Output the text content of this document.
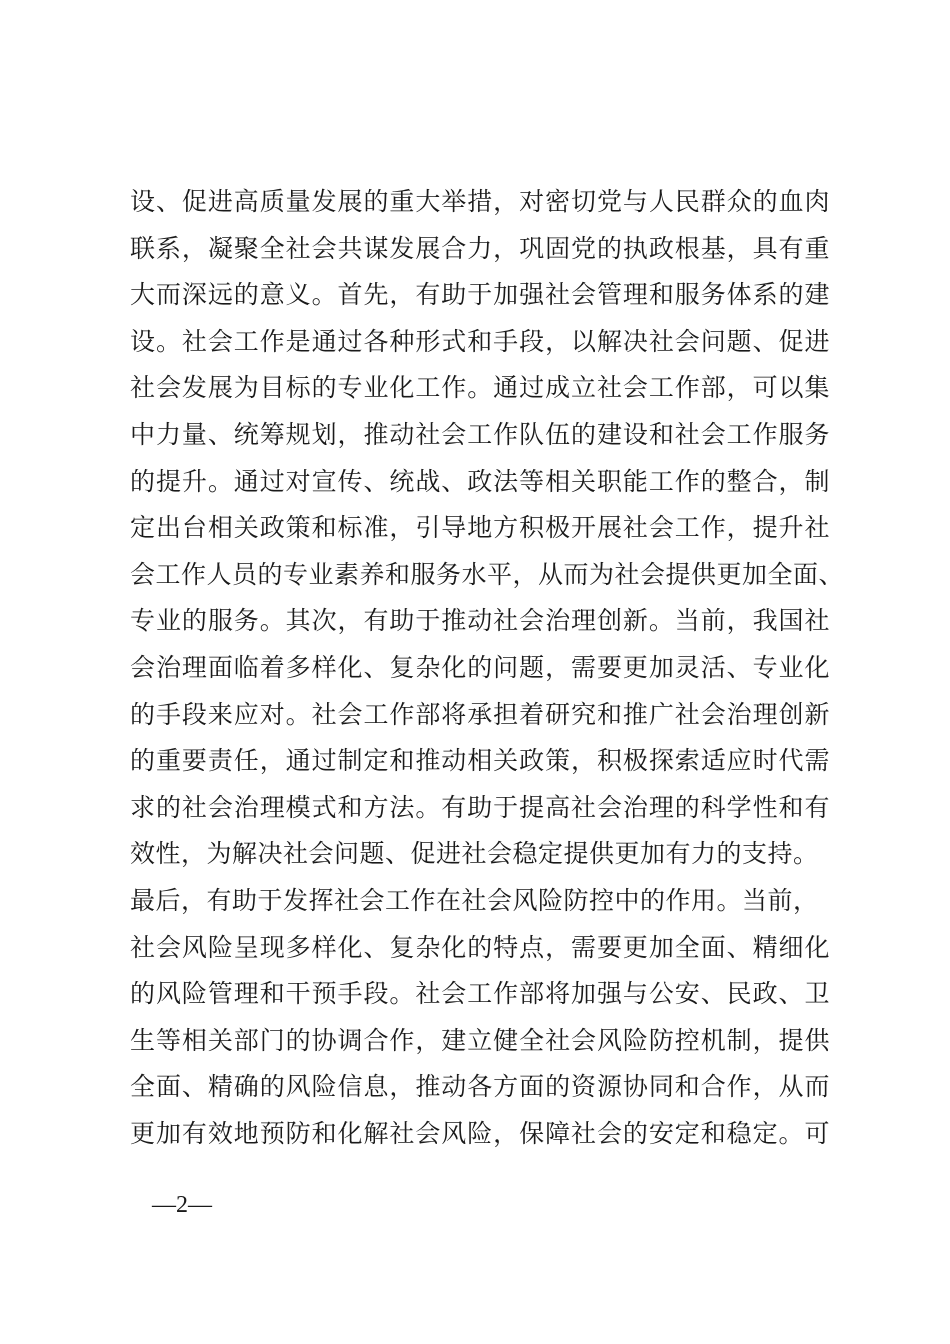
设、促进高质量发展的重大举措，对密切党与人民群众的血肉
联系，凝聚全社会共谋发展合力，巩固党的执政根基，具有重
大而深远的意义。首先，有助于加强社会管理和服务体系的建
设。社会工作是通过各种形式和手段，以解决社会问题、促进
社会发展为目标的专业化工作。通过成立社会工作部，可以集
中力量、统筹规划，推动社会工作队伍的建设和社会工作服务
的提升。通过对宣传、统战、政法等相关职能工作的整合，制
定出台相关政策和标准，引导地方积极开展社会工作，提升社
会工作人员的专业素养和服务水平，从而为社会提供更加全面、
专业的服务。其次，有助于推动社会治理创新。当前，我国社
会治理面临着多样化、复杂化的问题，需要更加灵活、专业化
的手段来应对。社会工作部将承担着研究和推广社会治理创新
的重要责任，通过制定和推动相关政策，积极探索适应时代需
求的社会治理模式和方法。有助于提高社会治理的科学性和有
效性，为解决社会问题、促进社会稳定提供更加有力的支持。
最后，有助于发挥社会工作在社会风险防控中的作用。当前，
社会风险呈现多样化、复杂化的特点，需要更加全面、精细化
的风险管理和干预手段。社会工作部将加强与公安、民政、卫
生等相关部门的协调合作，建立健全社会风险防控机制，提供
全面、精确的风险信息，推动各方面的资源协同和合作，从而
更加有效地预防和化解社会风险，保障社会的安定和稳定。可
—2—
